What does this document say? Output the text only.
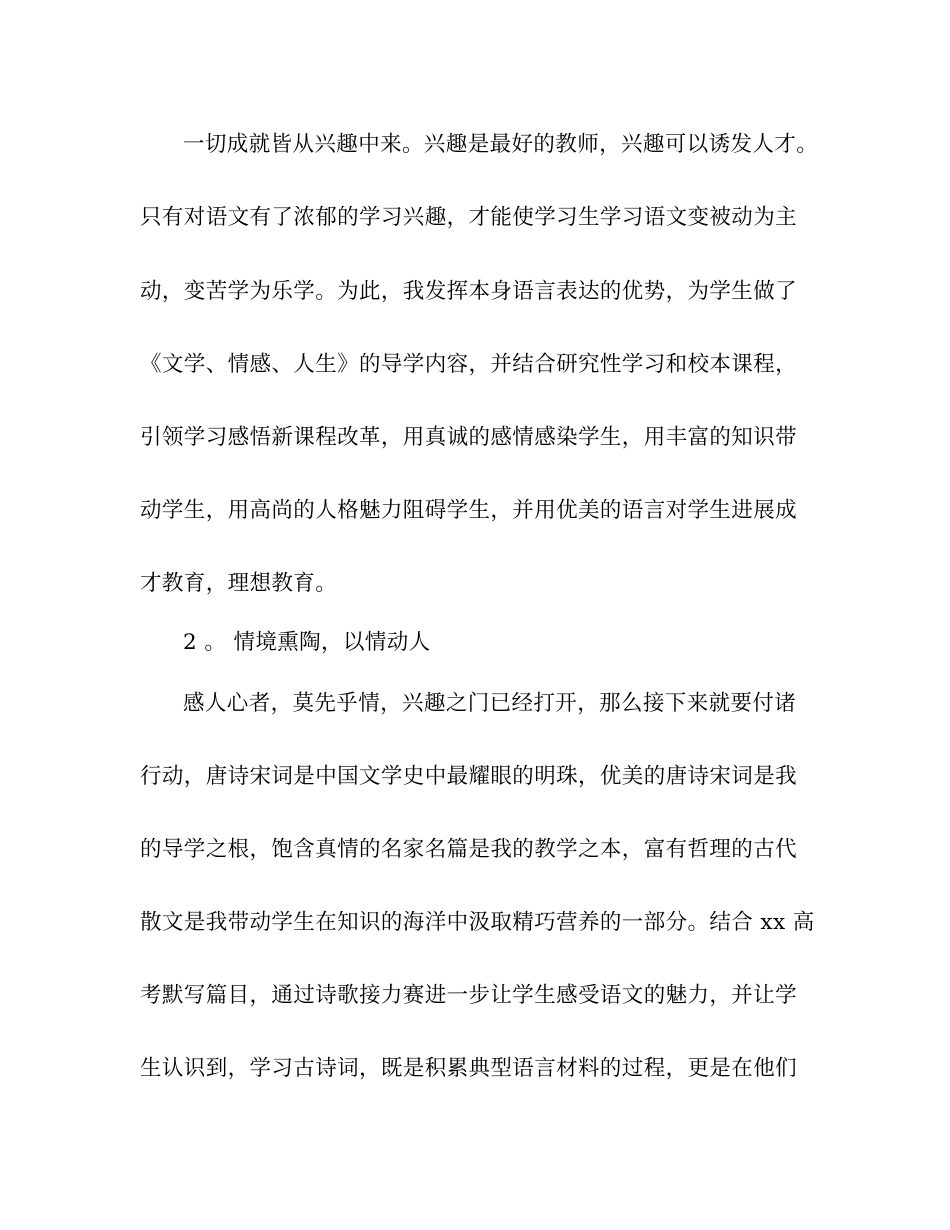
一切成就皆从兴趣中来。兴趣是最好的教师，兴趣可以诱发人才。
只有对语文有了浓郁的学习兴趣，才能使学习生学习语文变被动为主
动，变苦学为乐学。为此，我发挥本身语言表达的优势，为学生做了
《文学、情感、人生》的导学内容，并结合研究性学习和校本课程，
引领学习感悟新课程改革，用真诚的感情感染学生，用丰富的知识带
动学生，用高尚的人格魅力阻碍学生，并用优美的语言对学生进展成
才教育，理想教育。
2 。 情境熏陶，以情动人
感人心者，莫先乎情，兴趣之门已经打开，那么接下来就要付诸
行动，唐诗宋词是中国文学史中最耀眼的明珠，优美的唐诗宋词是我
的导学之根，饱含真情的名家名篇是我的教学之本，富有哲理的古代
散文是我带动学生在知识的海洋中汲取精巧营养的一部分。结合 xx 高
考默写篇目，通过诗歌接力赛进一步让学生感受语文的魅力，并让学
生认识到，学习古诗词，既是积累典型语言材料的过程，更是在他们
